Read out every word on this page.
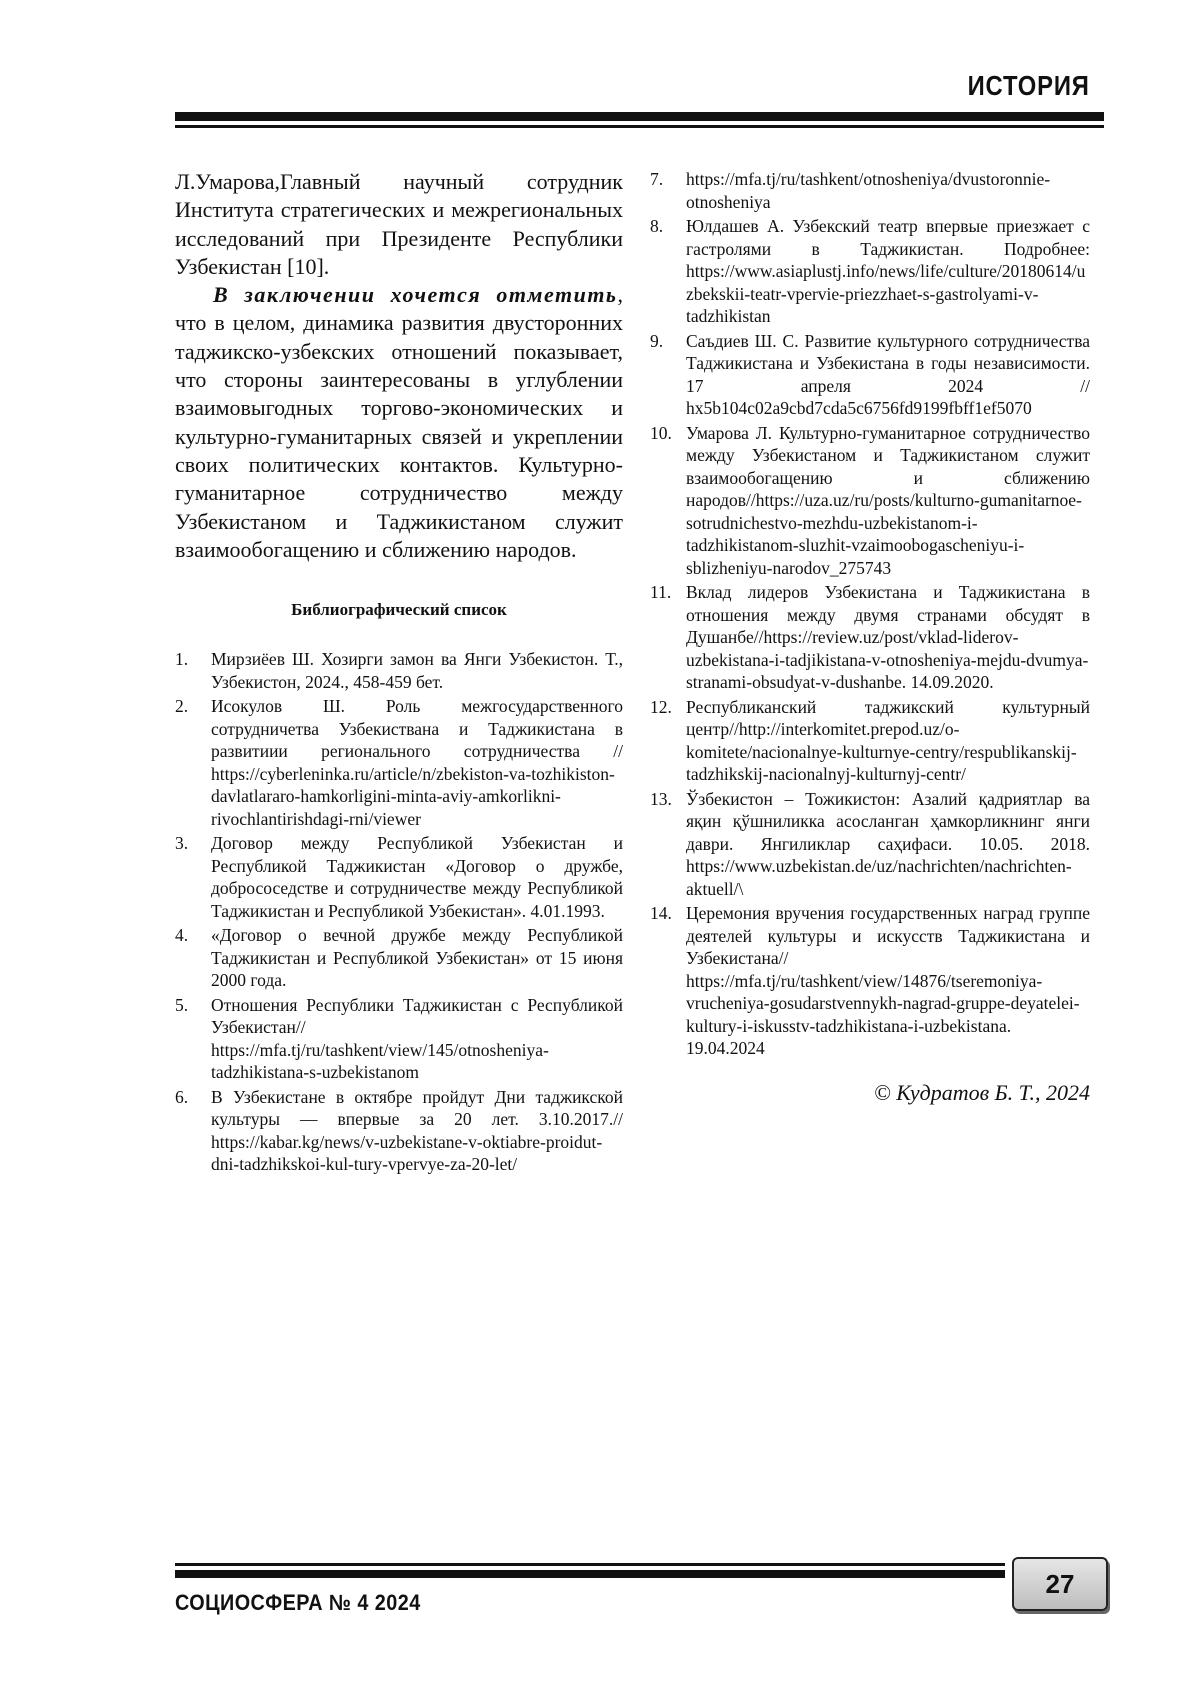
ИСТОРИЯ

Л.Умарова,Главный научный сотрудник Института стратегических и межрегиональных исследований при Президенте Республики Узбекистан [10].

В заключении хочется отметить, что в целом, динамика развития двусторонних таджикско-узбекских отношений показывает, что стороны заинтересованы в углублении взаимовыгодных торгово-экономических и культурно-гуманитарных связей и укреплении своих политических контактов. Культурно-гуманитарное сотрудничество между Узбекистаном и Таджикистаном служит взаимообогащению и сближению народов.

Библиографический список
1. Мирзиёев Ш. Хозирги замон ва Янги Узбекистон. Т., Узбекистон, 2024., 458-459 бет.
2. Исокулов Ш. Роль межгосударственного сотрудничетва Узбекиствана и Таджикистана в развитиии регионального сотрудничества // https://cyberleninka.ru/article/n/zbekiston-va-tozhikiston-davlatlararo-hamkorligini-minta-aviy-amkorlikni-rivochlantirishdagi-rni/viewer
3. Договор между Республикой Узбекистан и Республикой Таджикистан «Договор о дружбе, добрососедстве и сотрудничестве между Республикой Таджикистан и Республикой Узбекистан». 4.01.1993.
4. «Договор о вечной дружбе между Республикой Таджикистан и Республикой Узбекистан» от 15 июня 2000 года.
5. Отношения Республики Таджикистан с Республикой Узбекистан// https://mfa.tj/ru/tashkent/view/145/otnosheniya-tadzhikistana-s-uzbekistanom
6. В Узбекистане в октябре пройдут Дни таджикской культуры — впервые за 20 лет. 3.10.2017.// https://kabar.kg/news/v-uzbekistane-v-oktiabre-proidut-dni-tadzhikskoi-kul-tury-vpervye-za-20-let/
7. https://mfa.tj/ru/tashkent/otnosheniya/dvustoronnie-otnosheniya
8. Юлдашев А. Узбекский театр впервые приезжает с гастролями в Таджикистан. Подробнее: https://www.asiaplustj.info/news/life/culture/20180614/uzbekskii-teatr-vpervie-priezzhaet-s-gastrolyami-v-tadzhikistan
9. Саъдиев Ш. С. Развитие культурного сотрудничества Таджикистана и Узбекистана в годы независимости. 17 апреля 2024 // hx5b104c02a9cbd7cda5c6756fd9199fbff1ef5070
10. Умарова Л. Культурно-гуманитарное сотрудничество между Узбекистаном и Таджикистаном служит взаимообогащению и сближению народов//https://uza.uz/ru/posts/kulturno-gumanitarnoe-sotrudnichestvo-mezhdu-uzbekistanom-i-tadzhikistanom-sluzhit-vzaimoobogascheniyu-i-sblizheniyu-narodov_275743
11. Вклад лидеров Узбекистана и Таджикистана в отношения между двумя странами обсудят в Душанбе//https://review.uz/post/vklad-liderov-uzbekistana-i-tadjikistana-v-otnosheniya-mejdu-dvumya-stranami-obsudyat-v-dushanbe. 14.09.2020.
12. Республиканский таджикский культурный центр//http://interkomitet.prepod.uz/o-komitete/nacionalnye-kulturnye-centry/respublikanskij-tadzhikskij-nacionalnyj-kulturnyj-centr/
13. Ўзбекистон – Тожикистон: Азалий қадриятлар ва яқин қўшниликка асосланган ҳамкорликнинг янги даври. Янгиликлар саҳифаси. 10.05. 2018. https://www.uzbekistan.de/uz/nachrichten/nachrichten-aktuell/\
14. Церемония вручения государственных наград группе деятелей культуры и искусств Таджикистана и Узбекистана// https://mfa.tj/ru/tashkent/view/14876/tseremoniya-vrucheniya-gosudarstvennykh-nagrad-gruppe-deyatelei-kultury-i-iskusstv-tadzhikistana-i-uzbekistana. 19.04.2024
© Кудратов Б. Т., 2024
СОЦИОСФЕРА № 4 2024
27
